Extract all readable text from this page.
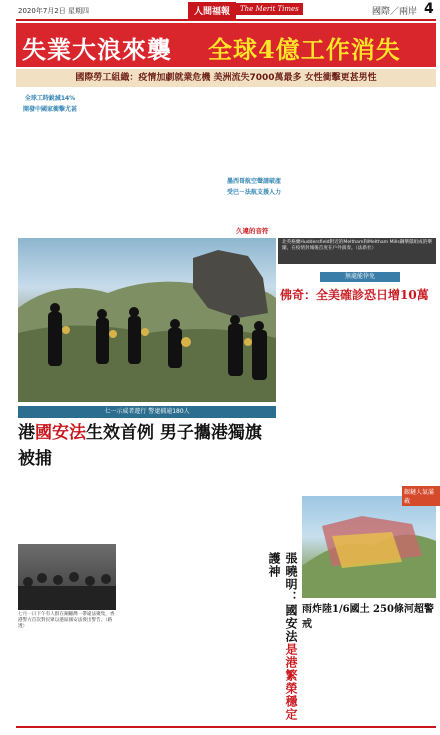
2020年7月2日 星期四	人間福報	The Merit Times	國際／兩岸 4
失業大浪來襲 全球4億工作消失
國際勞工組織：疫情加劇就業危機 美洲流失7000萬最多 女性衝擊更甚男性
全球工時銳減14%
開發中國家衝擊尤甚
墨西哥航空聲請破產
受巴－法航支援人力
久違的音符
七一示威者遊行 警逮捕逾180人
港國安法生效首例 男子攜港獨旗被捕
七月一日下午有人群在銅鑼灣一帶違法聚集，香港警方首次對民眾以港區國安法發出警告。（路透）
北英格蘭Huddersfield附近的Meltham和Meltham Mills鋼樂隊組成的樂團，在疫情封城後首度在戶外演奏。（法新社）
無處能倖免
佛奇：全美確診恐日增10萬
銀鏈人氣滿載
雨炸陸1/6國土 250條河超警戒
張曉明：國安法是港繁榮穩定護神
